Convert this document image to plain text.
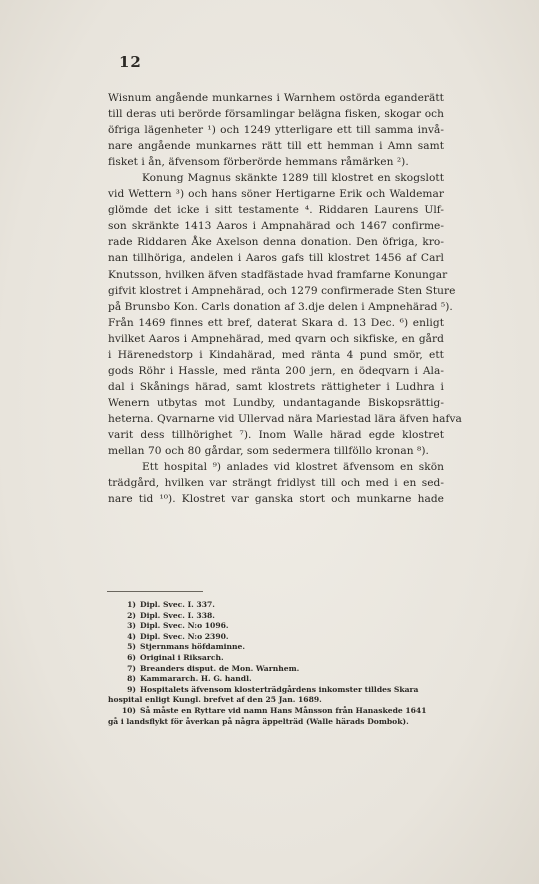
12

Wisnum angående munkarnes i Warnhem ostörda eganderätt
till deras uti berörde församlingar belägna fisken, skogar och
öfriga lägenheter ¹) och 1249 ytterligare ett till samma invå-
nare angående munkarnes rätt till ett hemman i Amn samt
fisket i ån, äfvensom förberörde hemmans råmärken ²).

Konung Magnus skänkte 1289 till klostret en skogslott
vid Wettern ³) och hans söner Hertigarne Erik och Waldemar
glömde det icke i sitt testamente ⁴. Riddaren Laurens Ulf-
son skränkte 1413 Aaros i Ampnahärad och 1467 confirme-
rade Riddaren Åke Axelson denna donation. Den öfriga, kro-
nan tillhöriga, andelen i Aaros gafs till klostret 1456 af Carl
Knutsson, hvilken äfven stadfästade hvad framfarne Konungar
gifvit klostret i Ampnehärad, och 1279 confirmerade Sten Sture
på Brunsbo Kon. Carls donation af 3.dje delen i Ampnehärad ⁵).
Från 1469 finnes ett bref, daterat Skara d. 13 Dec. ⁶) enligt
hvilket Aaros i Ampnehärad, med qvarn och sikfiske, en gård
i Härenedstorp i Kindahärad, med ränta 4 pund smör, ett
gods Röhr i Hassle, med ränta 200 jern, en ödeqvarn i Ala-
dal i Skånings härad, samt klostrets rättigheter i Ludhra i
Wenern utbytas mot Lundby, undantagande Biskopsrättig-
heterna. Qvarnarne vid Ullervad nära Mariestad lära äfven hafva
varit dess tillhörighet ⁷). Inom Walle härad egde klostret
mellan 70 och 80 gårdar, som sedermera tillföllo kronan ⁸).

Ett hospital ⁹) anlades vid klostret äfvensom en skön
trädgård, hvilken var strängt fridlyst till och med i en sed-
nare tid ¹⁰). Klostret var ganska stort och munkarne hade

1) Dipl. Svec. I. 337.
2) Dipl. Svec. I. 338.
3) Dipl. Svec. N:o 1096.
4) Dipl. Svec. N:o 2390.
5) Stjernmans höfdaminne.
6) Original i Riksarch.
7) Breanders disput. de Mon. Warnhem.
8) Kammararch. H. G. handl.
9) Hospitalets äfvensom klosterträdgårdens inkomster tilldes Skara
hospital enligt Kungl. brefvet af den 25 Jan. 1689.
10) Så måste en Ryttare vid namn Hans Månsson från Hanaskede 1641
gå i landsflykt för åverkan på några äppelträd (Walle härads Dombok).
